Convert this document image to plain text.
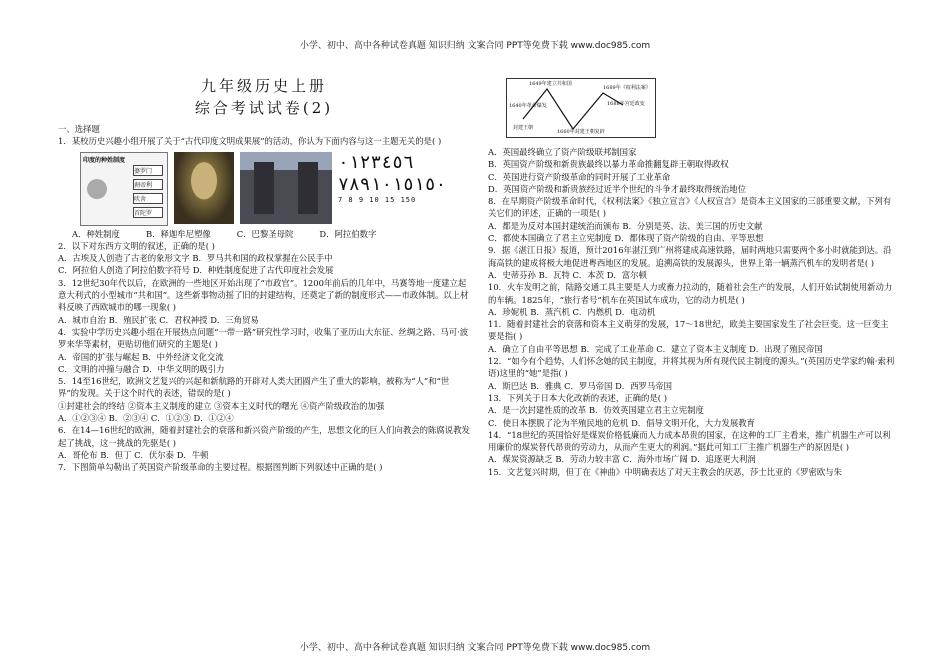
小学、初中、高中各种试卷真题 知识归纳 文案合同 PPT等免费下载 www.doc985.com
小学、初中、高中各种试卷真题 知识归纳 文案合同 PPT等免费下载 www.doc985.com
九年级历史上册
综合考试试卷(2)

一、选择题

1．某校历史兴趣小组开展了关于“古代印度文明成果展”的活动，你认为下面内容与这一主题无关的是( )

印度的种姓制度
婆罗门
刹帝利
吠舍
首陀罗
٠١٢٣٤٥٦ ٧٨٩١٠١٥١٥٠
7 8 9 10 15 150
A．种姓制度	B．释迦牟尼塑像	C．巴黎圣母院	D．阿拉伯数字

2．以下对东西方文明的叙述，正确的是( )

A．古埃及人创造了古老的象形文字 B．罗马共和国的政权掌握在公民手中

C．阿拉伯人创造了阿拉伯数字符号 D．种姓制度促进了古代印度社会发展

3．12世纪30年代以后，在欧洲的一些地区开始出现了“市政官”。1200年前后的几年中，马赛等地一度建立起意大利式的小型城市“共和国”。这些新事物动摇了旧的封建结构，还奠定了新的制度形式——市政体制。以上材料反映了西欧城市的哪一现象( )

A．城市自治 B．殖民扩张 C．君权神授 D．三角贸易

4．实验中学历史兴趣小组在开展热点问题“一带一路”研究性学习时，收集了亚历山大东征、丝绸之路、马可·波罗来华等素材，更贴切他们研究的主题是( )

A．帝国的扩张与崛起 B．中外经济文化交流

C．文明的冲撞与融合 D．中华文明的吸引力

5．14至16世纪，欧洲文艺复兴的兴起和新航路的开辟对人类大团圆产生了重大的影响，被称为“人”和“世界”的发现。关于这个时代的表述，错误的是( )

①封建社会的终结 ②资本主义制度的建立 ③资本主义时代的曙光 ④资产阶级政治的加强

A．①②③④ B．②③④ C．①②③ D．①②④

6．在14—16世纪的欧洲，随着封建社会的衰落和新兴资产阶级的产生，思想文化的巨人们向教会的陈腐说教发起了挑战，这一挑战的先驱是( )

A．哥伦布 B．但丁 C．伏尔泰 D．牛顿

7．下图简单勾勒出了英国资产阶级革命的主要过程。根据图判断下列叙述中正确的是( )

1649年建立共和国
1640年革命爆发
封建王朝
1660年封建王朝复辟
1689年《权利法案》
1688年宫廷政变

A．英国最终确立了资产阶级联邦制国家

B．英国资产阶级和新贵族最终以暴力革命推翻复辟王朝取得政权

C．英国进行资产阶级革命的同时开展了工业革命

D．英国资产阶级和新贵族经过近半个世纪的斗争才最终取得统治地位

8．在早期资产阶级革命时代，《权利法案》《独立宣言》《人权宣言》是资本主义国家的三部重要文献，下列有关它们的评述，正确的一项是( )

A．都是为反对本国封建统治而颁布 B．分别是英、法、美三国的历史文献

C．都使本国确立了君主立宪制度 D．都体现了资产阶级的自由、平等思想

9．据《湛江日报》报道，预计2016年湛江到广州将建成高速铁路，届时两地只需要两个多小时就能到达。沿海高铁的建成将极大地促进粤西地区的发展。追溯高铁的发展源头，世界上第一辆蒸汽机车的发明者是( )

A．史蒂芬孙 B．瓦特 C．本茨 D．富尔顿

10．火车发明之前，陆路交通工具主要是人力或畜力拉动的，随着社会生产的发展，人们开始试制使用新动力的车辆。1825年，“旅行者号”机车在英国试车成功，它的动力机是( )

A．珍妮机 B．蒸汽机 C．内燃机 D．电动机

11．随着封建社会的衰落和资本主义萌芽的发展，17～18世纪，欧美主要国家发生了社会巨变。这一巨变主要是指( )

A．确立了自由平等思想 B．完成了工业革命 C．建立了资本主义制度 D．出现了殖民帝国

12．“如今有个趋势，人们怀念她的民主制度，并将其视为所有现代民主制度的源头。”(英国历史学家约翰·索利语)这里的“她”是指( )

A．斯巴达 B．雅典 C．罗马帝国 D．西罗马帝国

13．下列关于日本大化改新的表述，正确的是( )

A．是一次封建性质的改革 B．仿效英国建立君主立宪制度

C．使日本摆脱了沦为半殖民地的危机 D．倡导文明开化，大力发展教育

14．“18世纪的英国恰好是煤炭价格低廉而人力成本昂贵的国家，在这种的工厂主看来，推广机器生产可以利用廉价的煤炭替代昂贵的劳动力，从而产生更大的利润。”据此可知工厂主推广机器生产的原因是( )

A．煤炭资源缺乏 B．劳动力较丰富 C．海外市场广阔 D．追逐更大利润

15．文艺复兴时期，但丁在《神曲》中明确表达了对天主教会的厌恶，莎士比亚的《罗密欧与朱
